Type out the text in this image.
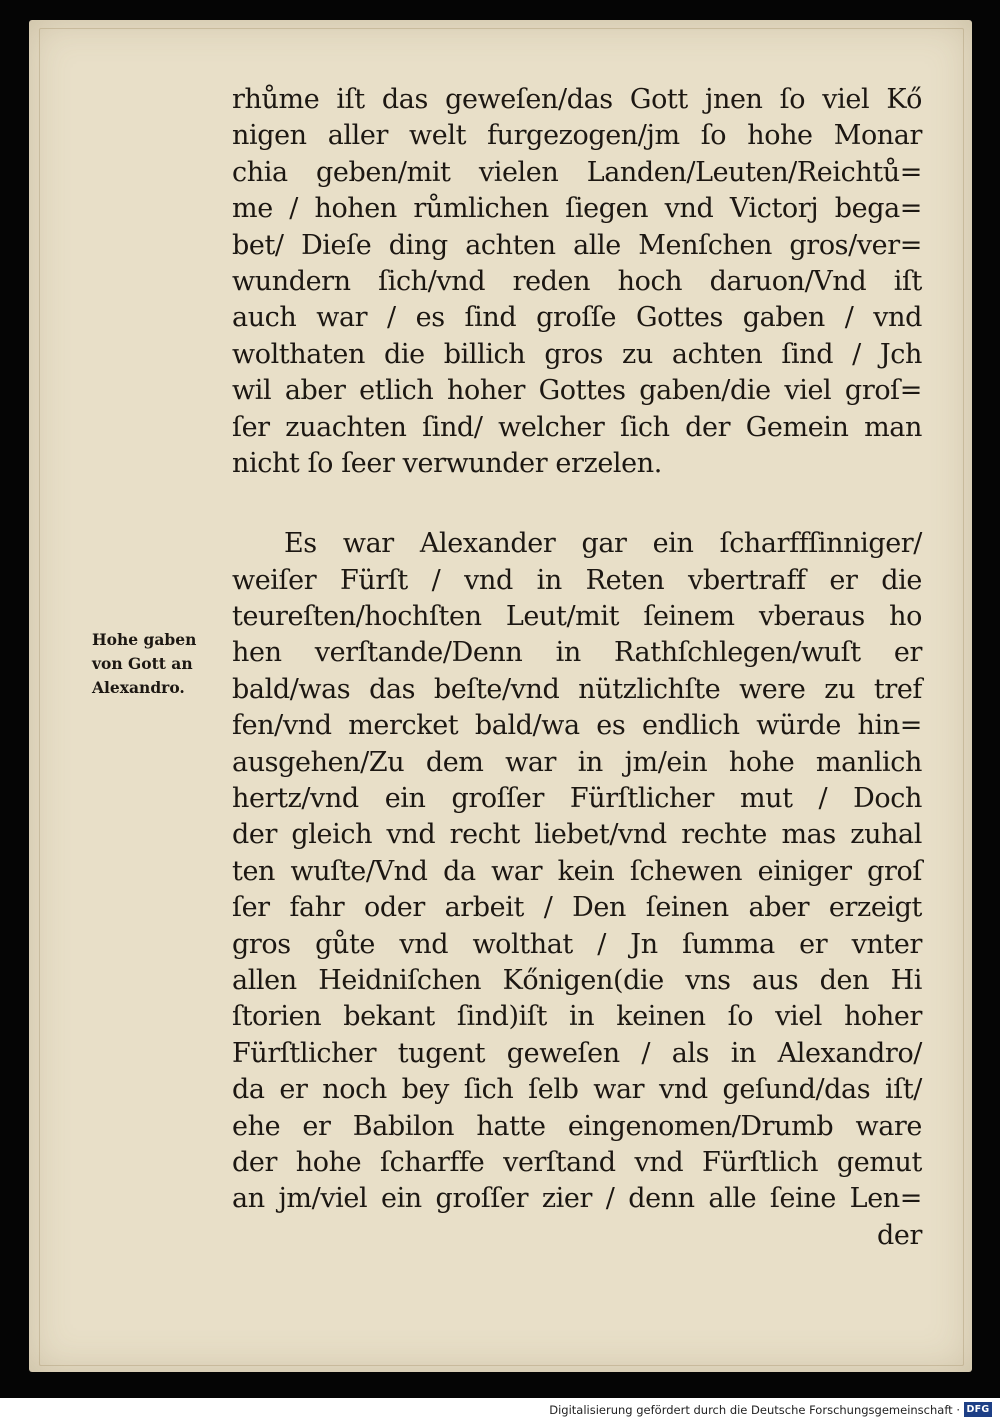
rhůme iſt das geweſen/das Gott jnen ſo viel Kő
nigen aller welt furgezogen/jm ſo hohe Monar
chia geben/mit vielen Landen/Leuten/Reichtů=
me / hohen růmlichen ſiegen vnd Victorj bega=
bet/ Dieſe ding achten alle Menſchen gros/ver=
wundern ſich/vnd reden hoch daruon/Vnd iſt
auch war / es ſind groſſe Gottes gaben / vnd
wolthaten die billich gros zu achten ſind / Jch
wil aber etlich hoher Gottes gaben/die viel groſ=
ſer zuachten ſind/ welcher ſich der Gemein man
nicht ſo ſeer verwunder erzelen.
Es war Alexander gar ein ſcharffſinniger/
weiſer Fürſt / vnd in Reten vbertraff er die
teureſten/hochſten Leut/mit ſeinem vberaus ho
hen verſtande/Denn in Rathſchlegen/wuſt er
bald/was das beſte/vnd nützlichſte were zu tref
fen/vnd mercket bald/wa es endlich würde hin=
ausgehen/Zu dem war in jm/ein hohe manlich
hertz/vnd ein groſſer Fürſtlicher mut / Doch
der gleich vnd recht liebet/vnd rechte mas zuhal
ten wuſte/Vnd da war kein ſchewen einiger groſ
ſer fahr oder arbeit / Den ſeinen aber erzeigt
gros gůte vnd wolthat / Jn ſumma er vnter
allen Heidniſchen Kőnigen(die vns aus den Hi
ſtorien bekant ſind)iſt in keinen ſo viel hoher
Fürſtlicher tugent geweſen / als in Alexandro/
da er noch bey ſich ſelb war vnd geſund/das iſt/
ehe er Babilon hatte eingenomen/Drumb ware
der hohe ſcharffe verſtand vnd Fürſtlich gemut
an jm/viel ein groſſer zier / denn alle ſeine Len=
der
Hohe gaben
von Gott an
Alexandro.
Digitalisierung gefördert durch die Deutsche Forschungsgemeinschaft · DFG
